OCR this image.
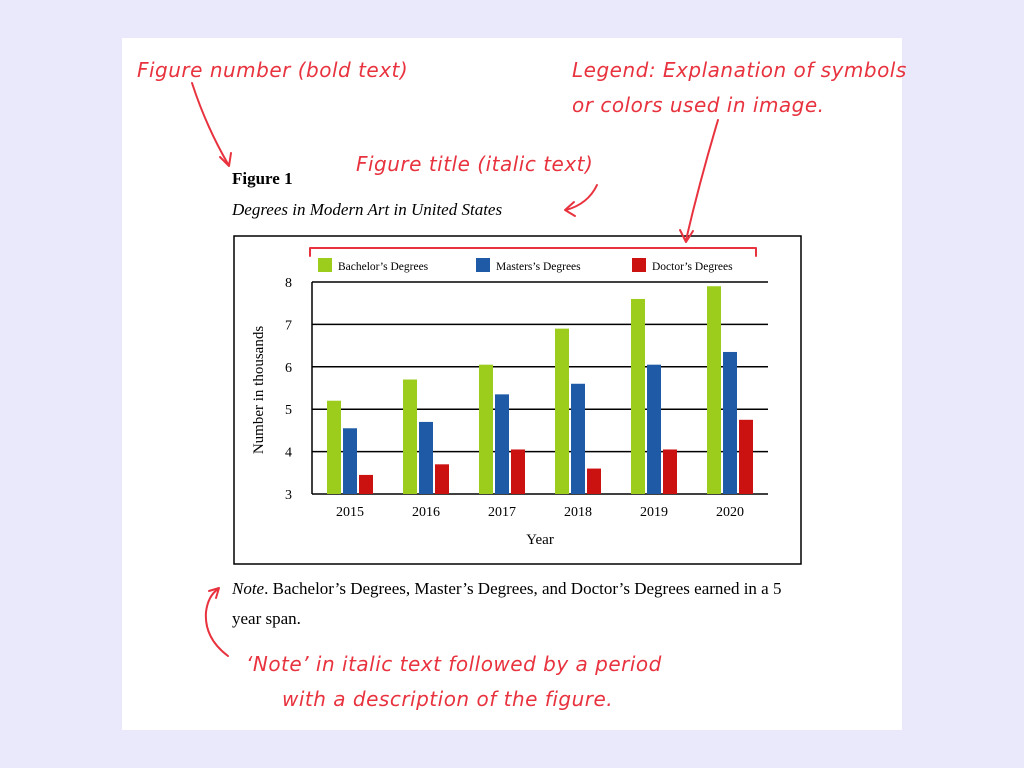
Figure 1
Degrees in Modern Art in United States
Note. Bachelor’s Degrees, Master’s Degrees, and Doctor’s Degrees earned in a 5 year span.
Figure number (bold text)
Figure title (italic text)
Legend: Explanation of symbols
or colors used in image.
‘Note’ in italic text followed by a period
with a description of the figure.
3
4
5
6
7
8
2015	2016	2017	2018	2019	2020
Year
Number in thousands
Bachelor’s Degrees	Masters’s Degrees	Doctor’s Degrees
